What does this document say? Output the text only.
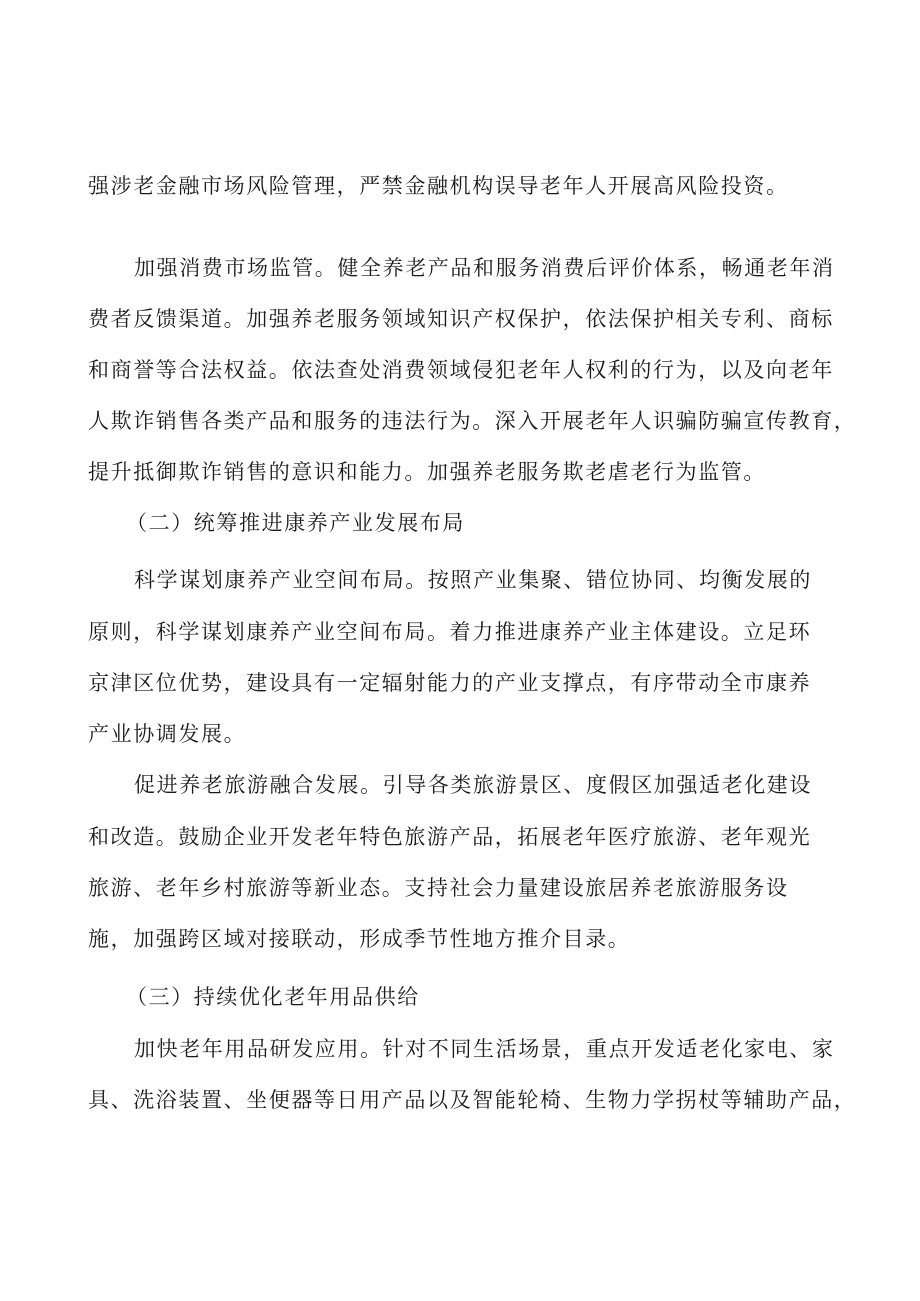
强涉老金融市场风险管理，严禁金融机构误导老年人开展高风险投资。
加强消费市场监管。健全养老产品和服务消费后评价体系，畅通老年消
费者反馈渠道。加强养老服务领域知识产权保护，依法保护相关专利、商标
和商誉等合法权益。依法查处消费领域侵犯老年人权利的行为，以及向老年
人欺诈销售各类产品和服务的违法行为。深入开展老年人识骗防骗宣传教育，
提升抵御欺诈销售的意识和能力。加强养老服务欺老虐老行为监管。
（二）统筹推进康养产业发展布局
科学谋划康养产业空间布局。按照产业集聚、错位协同、均衡发展的
原则，科学谋划康养产业空间布局。着力推进康养产业主体建设。立足环
京津区位优势，建设具有一定辐射能力的产业支撑点，有序带动全市康养
产业协调发展。
促进养老旅游融合发展。引导各类旅游景区、度假区加强适老化建设
和改造。鼓励企业开发老年特色旅游产品，拓展老年医疗旅游、老年观光
旅游、老年乡村旅游等新业态。支持社会力量建设旅居养老旅游服务设
施，加强跨区域对接联动，形成季节性地方推介目录。
（三）持续优化老年用品供给
加快老年用品研发应用。针对不同生活场景，重点开发适老化家电、家
具、洗浴装置、坐便器等日用产品以及智能轮椅、生物力学拐杖等辅助产品，
